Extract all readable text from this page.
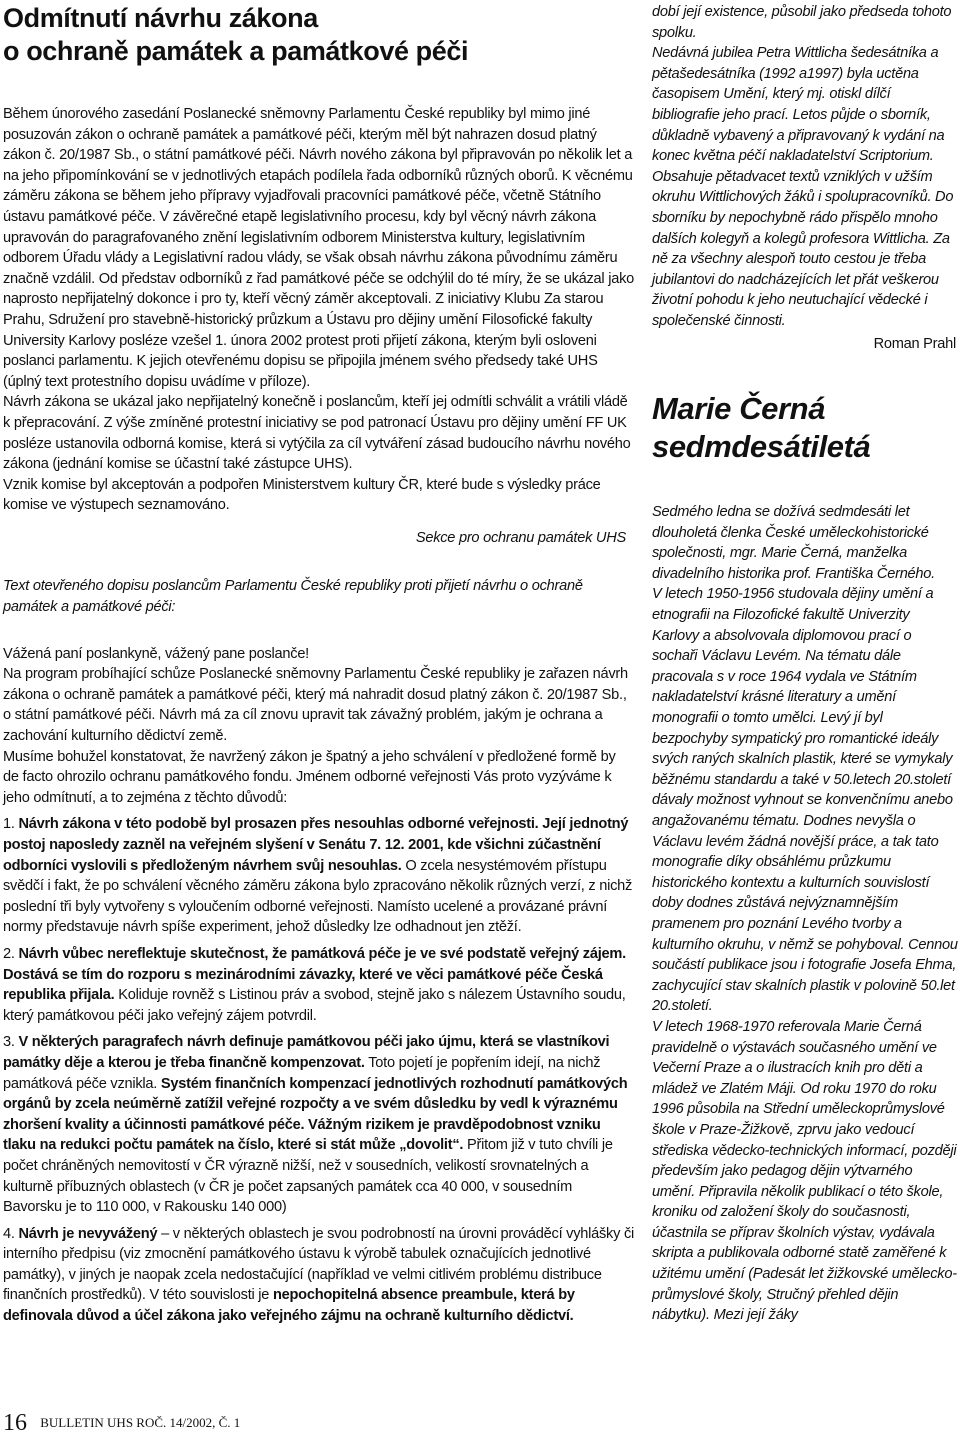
Odmítnutí návrhu zákona
o ochraně památek a památkové péči

Během únorového zasedání Poslanecké sněmovny Parlamentu České republiky byl mimo jiné posuzován zákon o ochraně památek a památkové péči, kterým měl být nahrazen dosud platný zákon č. 20/1987 Sb., o státní památkové péči. Návrh nového zákona byl připravován po několik let a na jeho připomínkování se v jednotlivých etapách podílela řada odborníků různých oborů. K věcnému záměru zákona se během jeho přípravy vyjadřovali pracovníci památkové péče, včetně Státního ústavu památkové péče. V závěrečné etapě legislativního procesu, kdy byl věcný návrh zákona upravován do paragrafovaného znění legislativním odborem Ministerstva kultury, legislativním odborem Úřadu vlády a Legislativní radou vlády, se však obsah návrhu zákona původnímu záměru značně vzdálil. Od představ odborníků z řad památkové péče se odchýlil do té míry, že se ukázal jako naprosto nepřijatelný dokonce i pro ty, kteří věcný záměr akceptovali. Z iniciativy Klubu Za starou Prahu, Sdružení pro stavebně-historický průzkum a Ústavu pro dějiny umění Filosofické fakulty University Karlovy posléze vzešel 1. února 2002 protest proti přijetí zákona, kterým byli osloveni poslanci parlamentu. K jejich otevřenému dopisu se připojila jménem svého předsedy také UHS (úplný text protestního dopisu uvádíme v příloze).

Návrh zákona se ukázal jako nepřijatelný konečně i poslancům, kteří jej odmítli schválit a vrátili vládě k přepracování. Z výše zmíněné protestní iniciativy se pod patronací Ústavu pro dějiny umění FF UK posléze ustanovila odborná komise, která si vytýčila za cíl vytváření zásad budoucího návrhu nového zákona (jednání komise se účastní také zástupce UHS).

Vznik komise byl akceptován a podpořen Ministerstvem kultury ČR, které bude s výsledky práce komise ve výstupech seznamováno.

Sekce pro ochranu památek UHS

Text otevřeného dopisu poslancům Parlamentu České republiky proti přijetí návrhu o ochraně památek a památkové péči:

Vážená paní poslankyně, vážený pane poslanče!

Na program probíhající schůze Poslanecké sněmovny Parlamentu České republiky je zařazen návrh zákona o ochraně památek a památkové péči, který má nahradit dosud platný zákon č. 20/1987 Sb., o státní památkové péči. Návrh má za cíl znovu upravit tak závažný problém, jakým je ochrana a zachování kulturního dědictví země.

Musíme bohužel konstatovat, že navržený zákon je špatný a jeho schválení v předložené formě by de facto ohrozilo ochranu památkového fondu. Jménem odborné veřejnosti Vás proto vyzýváme k jeho odmítnutí, a to zejména z těchto důvodů:

1. Návrh zákona v této podobě byl prosazen přes nesouhlas odborné veřejnosti. Její jednotný postoj naposledy zazněl na veřejném slyšení v Senátu 7. 12. 2001, kde všichni zúčastnění odborníci vyslovili s předloženým návrhem svůj nesouhlas. O zcela nesystémovém přístupu svědčí i fakt, že po schválení věcného záměru zákona bylo zpracováno několik různých verzí, z nichž poslední tři byly vytvořeny s vyloučením odborné veřejnosti. Namísto ucelené a provázané právní normy představuje návrh spíše experiment, jehož důsledky lze odhadnout jen ztěží.

2. Návrh vůbec nereflektuje skutečnost, že památková péče je ve své podstatě veřejný zájem. Dostává se tím do rozporu s mezinárodními závazky, které ve věci památkové péče Česká republika přijala. Koliduje rovněž s Listinou práv a svobod, stejně jako s nálezem Ústavního soudu, který památkovou péči jako veřejný zájem potvrdil.

3. V některých paragrafech návrh definuje památkovou péči jako újmu, která se vlastníkovi památky děje a kterou je třeba finančně kompenzovat. Toto pojetí je popřením idejí, na nichž památková péče vznikla. Systém finančních kompenzací jednotlivých rozhodnutí památkových orgánů by zcela neúměrně zatížil veřejné rozpočty a ve svém důsledku by vedl k výraznému zhoršení kvality a účinnosti památkové péče. Vážným rizikem je pravděpodobnost vzniku tlaku na redukci počtu památek na číslo, které si stát může „dovolit“. Přitom již v tuto chvíli je počet chráněných nemovitostí v ČR výrazně nižší, než v sousedních, velikostí srovnatelných a kulturně příbuzných oblastech (v ČR je počet zapsaných památek cca 40 000, v sousedním Bavorsku je to 110 000, v Rakousku 140 000)

4. Návrh je nevyvážený – v některých oblastech je svou podrobností na úrovni prováděcí vyhlášky či interního předpisu (viz zmocnění památkového ústavu k výrobě tabulek označujících jednotlivé památky), v jiných je naopak zcela nedostačující (například ve velmi citlivém problému distribuce finančních prostředků). V této souvislosti je nepochopitelná absence preambule, která by definovala důvod a účel zákona jako veřejného zájmu na ochraně kulturního dědictví.

dobí její existence, působil jako předseda tohoto spolku.

Nedávná jubilea Petra Wittlicha šedesátníka a pětašedesátníka (1992 a1997) byla uctěna časopisem Umění, který mj. otiskl dílčí bibliografie jeho prací. Letos půjde o sborník, důkladně vybavený a připravovaný k vydání na konec května péčí nakladatelství Scriptorium. Obsahuje pětadvacet textů vzniklých v užším okruhu Wittlichových žáků i spolupracovníků. Do sborníku by nepochybně rádo přispělo mnoho dalších kolegyň a kolegů profesora Wittlicha. Za ně za všechny alespoň touto cestou je třeba jubilantovi do nadcházejících let přát veškerou životní pohodu k jeho neutuchající vědecké i společenské činnosti.

Roman Prahl

Marie Černá
sedmdesátiletá

Sedmého ledna se dožívá sedmdesáti let dlouholetá členka České uměleckohistorické společnosti, mgr. Marie Černá, manželka divadelního historika prof. Františka Černého.

V letech 1950-1956 studovala dějiny umění a etnografii na Filozofické fakultě Univerzity Karlovy a absolvovala diplomovou prací o sochaři Václavu Levém. Na tématu dále pracovala s v roce 1964 vydala ve Státním nakladatelství krásné literatury a umění monografii o tomto umělci. Levý jí byl bezpochyby sympatický pro romantické ideály svých raných skalních plastik, které se vymykaly běžnému standardu a také v 50.letech 20.století dávaly možnost vyhnout se konvenčnímu anebo angažovanému tématu. Dodnes nevyšla o Václavu levém žádná novější práce, a tak tato monografie díky obsáhlému průzkumu historického kontextu a kulturních souvislostí doby dodnes zůstává nejvýznamnějším pramenem pro poznání Levého tvorby a kulturního okruhu, v němž se pohyboval. Cennou součástí publikace jsou i fotografie Josefa Ehma, zachycující stav skalních plastik v polovině 50.let 20.století.

V letech 1968-1970 referovala Marie Černá pravidelně o výstavách současného umění ve Večerní Praze a o ilustracích knih pro děti a mládež ve Zlatém Máji. Od roku 1970 do roku 1996 působila na Střední uměleckoprůmyslové škole v Praze-Žižkově, zprvu jako vedoucí střediska vědecko-technických informací, později především jako pedagog dějin výtvarného umění. Připravila několik publikací o této škole, kroniku od založení školy do současnosti, účastnila se příprav školních výstav, vydávala skripta a publikovala odborné statě zaměřené k užitému umění (Padesát let žižkovské umělecko-průmyslové školy, Stručný přehled dějin nábytku). Mezi její žáky

16 BULLETIN UHS ROČ. 14/2002, Č. 1
